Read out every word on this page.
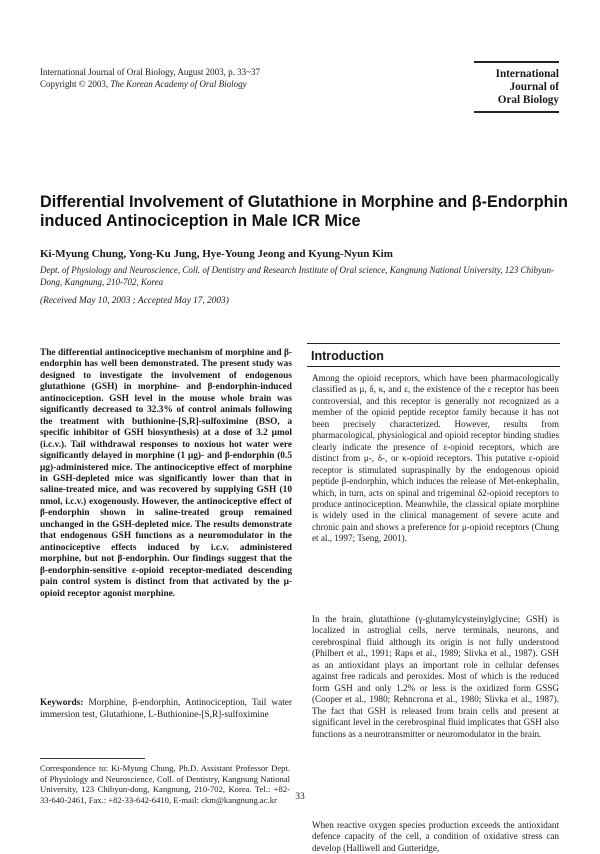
International Journal of Oral Biology, August 2003, p. 33~37
Copyright © 2003, The Korean Academy of Oral Biology
International
Journal of
Oral Biology
Differential Involvement of Glutathione in Morphine and β-Endorphin induced Antinociception in Male ICR Mice
Ki-Myung Chung, Yong-Ku Jung, Hye-Young Jeong and Kyung-Nyun Kim
Dept. of Physiology and Neuroscience, Coll. of Dentistry and Research Institute of Oral science, Kangnung National University, 123 Chibyun-Dong, Kangnung, 210-702, Korea
(Received May 10, 2003 ; Accepted May 17, 2003)
The differential antinociceptive mechanism of morphine and β-endorphin has well been demonstrated. The present study was designed to investigate the involvement of endogenous glutathione (GSH) in morphine- and β-endorphin-induced antinociception. GSH level in the mouse whole brain was significantly decreased to 32.3% of control animals following the treatment with buthionine-[S,R]-sulfoximine (BSO, a specific inhibitor of GSH biosynthesis) at a dose of 3.2 μmol (i.c.v.). Tail withdrawal responses to noxious hot water were significantly delayed in morphine (1 μg)- and β-endorphin (0.5 μg)-administered mice. The antinociceptive effect of morphine in GSH-depleted mice was significantly lower than that in saline-treated mice, and was recovered by supplying GSH (10 nmol, i.c.v.) exogenously. However, the antinociceptive effect of β-endorphin shown in saline-treated group remained unchanged in the GSH-depleted mice. The results demonstrate that endogenous GSH functions as a neuromodulator in the antinociceptive effects induced by i.c.v. administered morphine, but not β-endorphin. Our findings suggest that the β-endorphin-sensitive ε-opioid receptor-mediated descending pain control system is distinct from that activated by the μ-opioid receptor agonist morphine.
Keywords: Morphine, β-endorphin, Antinociception, Tail water immersion test, Glutathione, L-Buthionine-[S,R]-sulfoximine
Correspondence to: Ki-Myung Chung, Ph.D. Assistant Professor Dept. of Physiology and Neuroscience, Coll. of Dentistry, Kangnung National University, 123 Chibyun-dong, Kangnung, 210-702, Korea. Tel.: +82-33-640-2461, Fax.: +82-33-642-6410, E-mail: ckm@kangnung.ac.kr
Introduction
Among the opioid receptors, which have been pharmacologically classified as μ, δ, κ, and ε, the existence of the ε receptor has been controversial, and this receptor is generally not recognized as a member of the opioid peptide receptor family because it has not been precisely characterized. However, results from pharmacological, physiological and opioid receptor binding studies clearly indicate the presence of ε-opioid receptors, which are distinct from μ-, δ-, or κ-opioid receptors. This putative ε-opioid receptor is stimulated supraspinally by the endogenous opioid peptide β-endorphin, which induces the release of Met-enkephalin, which, in turn, acts on spinal and trigeminal δ2-opioid receptors to produce antinociception. Meanwhile, the classical opiate morphine is widely used in the clinical management of severe acute and chronic pain and shows a preference for μ-opioid receptors (Chung et al., 1997; Tseng, 2001).
In the brain, glutathione (γ-glutamylcysteinylglycine; GSH) is localized in astroglial cells, nerve terminals, neurons, and cerebrospinal fluid although its origin is not fully understood (Philbert et al., 1991; Raps et al., 1989; Slivka et al., 1987). GSH as an antioxidant plays an important role in cellular defenses against free radicals and peroxides. Most of which is the reduced form GSH and only 1.2% or less is the oxidized form GSSG (Cooper et al., 1980; Rehncrona et al., 1980; Slivka et al., 1987). The fact that GSH is released from brain cells and present at significant level in the cerebrospinal fluid implicates that GSH also functions as a neurotransmitter or neuromodulator in the brain.
When reactive oxygen species production exceeds the antioxidant defence capacity of the cell, a condition of oxidative stress can develop (Halliwell and Gutteridge,
33
